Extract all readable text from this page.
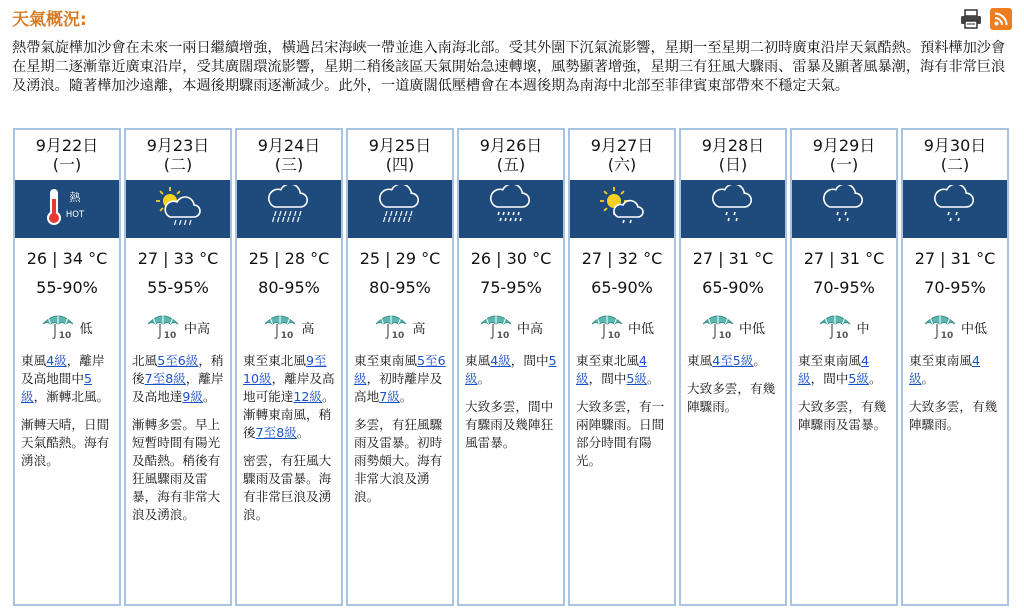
天氣概況:
熱帶氣旋樺加沙會在未來一兩日繼續增強，橫過呂宋海峽一帶並進入南海北部。受其外圍下沉氣流影響，星期一至星期二初時廣東沿岸天氣酷熱。預料樺加沙會在星期二逐漸靠近廣東沿岸，受其廣闊環流影響，星期二稍後該區天氣開始急速轉壞，風勢顯著增強，星期三有狂風大驟雨、雷暴及顯著風暴潮，海有非常巨浪及湧浪。隨著樺加沙遠離，本週後期驟雨逐漸減少。此外，一道廣闊低壓槽會在本週後期為南海中北部至菲律賓東部帶來不穩定天氣。
9月22日
(一)
熱
HOT
26 | 34 °C
55-90%
10 低

東風4級，離岸及高地間中5級，漸轉北風。

漸轉天晴，日間天氣酷熱。海有湧浪。

9月23日
(二)
27 | 33 °C
55-95%
10 中高

北風5至6級，稍後7至8級，離岸及高地達9級。

漸轉多雲。早上短暫時間有陽光及酷熱。稍後有狂風驟雨及雷暴，海有非常大浪及湧浪。

9月24日
(三)
25 | 28 °C
80-95%
10 高

東至東北風9至10級，離岸及高地可能達12級。漸轉東南風，稍後7至8級。

密雲，有狂風大驟雨及雷暴。海有非常巨浪及湧浪。

9月25日
(四)
25 | 29 °C
80-95%
10 高

東至東南風5至6級，初時離岸及高地7級。

多雲，有狂風驟雨及雷暴。初時雨勢頗大。海有非常大浪及湧浪。

9月26日
(五)
26 | 30 °C
75-95%
10 中高

東風4級，間中5級。

大致多雲，間中有驟雨及幾陣狂風雷暴。

9月27日
(六)
27 | 32 °C
65-90%
10 中低

東至東北風4級，間中5級。

大致多雲，有一兩陣驟雨。日間部分時間有陽光。

9月28日
(日)
27 | 31 °C
65-90%
10 中低

東風4至5級。

大致多雲，有幾陣驟雨。

9月29日
(一)
27 | 31 °C
70-95%
10 中

東至東南風4級，間中5級。

大致多雲，有幾陣驟雨及雷暴。

9月30日
(二)
27 | 31 °C
70-95%
10 中低

東至東南風4級。

大致多雲，有幾陣驟雨。
